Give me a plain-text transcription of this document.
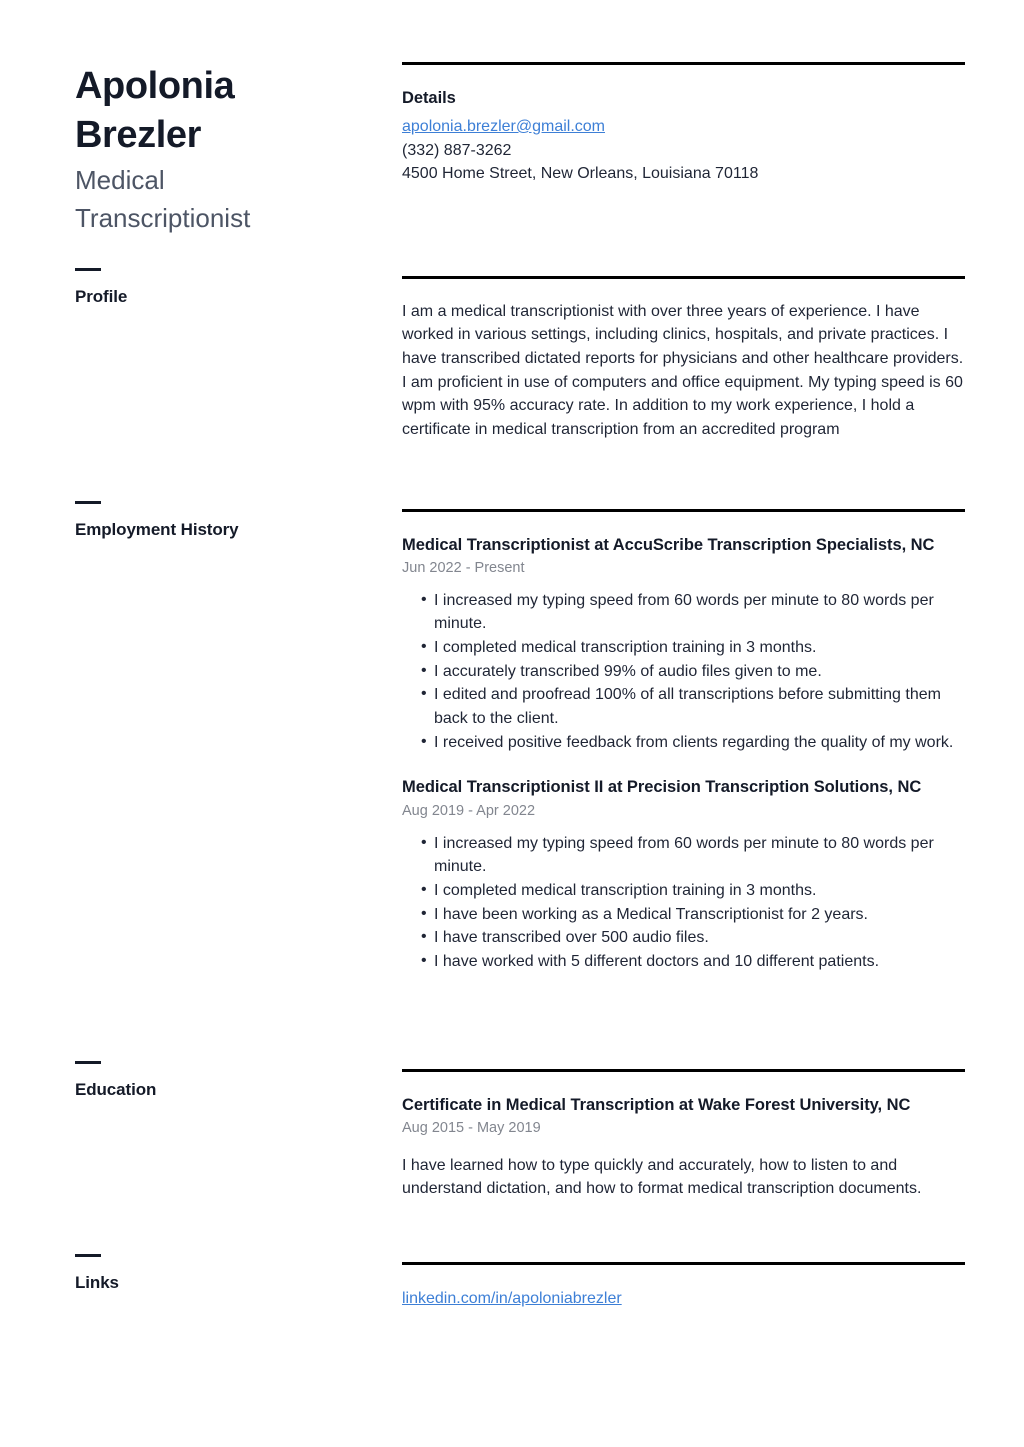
Apolonia
Brezler
Medical
Transcriptionist
Details
apolonia.brezler@gmail.com
(332) 887-3262
4500 Home Street, New Orleans, Louisiana 70118
Profile
I am a medical transcriptionist with over three years of experience. I have worked in various settings, including clinics, hospitals, and private practices. I have transcribed dictated reports for physicians and other healthcare providers. I am proficient in use of computers and office equipment. My typing speed is 60 wpm with 95% accuracy rate. In addition to my work experience, I hold a certificate in medical transcription from an accredited program
Employment History
Medical Transcriptionist at AccuScribe Transcription Specialists, NC
Jun 2022 - Present
• I increased my typing speed from 60 words per minute to 80 words per minute.
• I completed medical transcription training in 3 months.
• I accurately transcribed 99% of audio files given to me.
• I edited and proofread 100% of all transcriptions before submitting them back to the client.
• I received positive feedback from clients regarding the quality of my work.
Medical Transcriptionist II at Precision Transcription Solutions, NC
Aug 2019 - Apr 2022
• I increased my typing speed from 60 words per minute to 80 words per minute.
• I completed medical transcription training in 3 months.
• I have been working as a Medical Transcriptionist for 2 years.
• I have transcribed over 500 audio files.
• I have worked with 5 different doctors and 10 different patients.
Education
Certificate in Medical Transcription at Wake Forest University, NC
Aug 2015 - May 2019
I have learned how to type quickly and accurately, how to listen to and understand dictation, and how to format medical transcription documents.
Links
linkedin.com/in/apoloniabrezler
